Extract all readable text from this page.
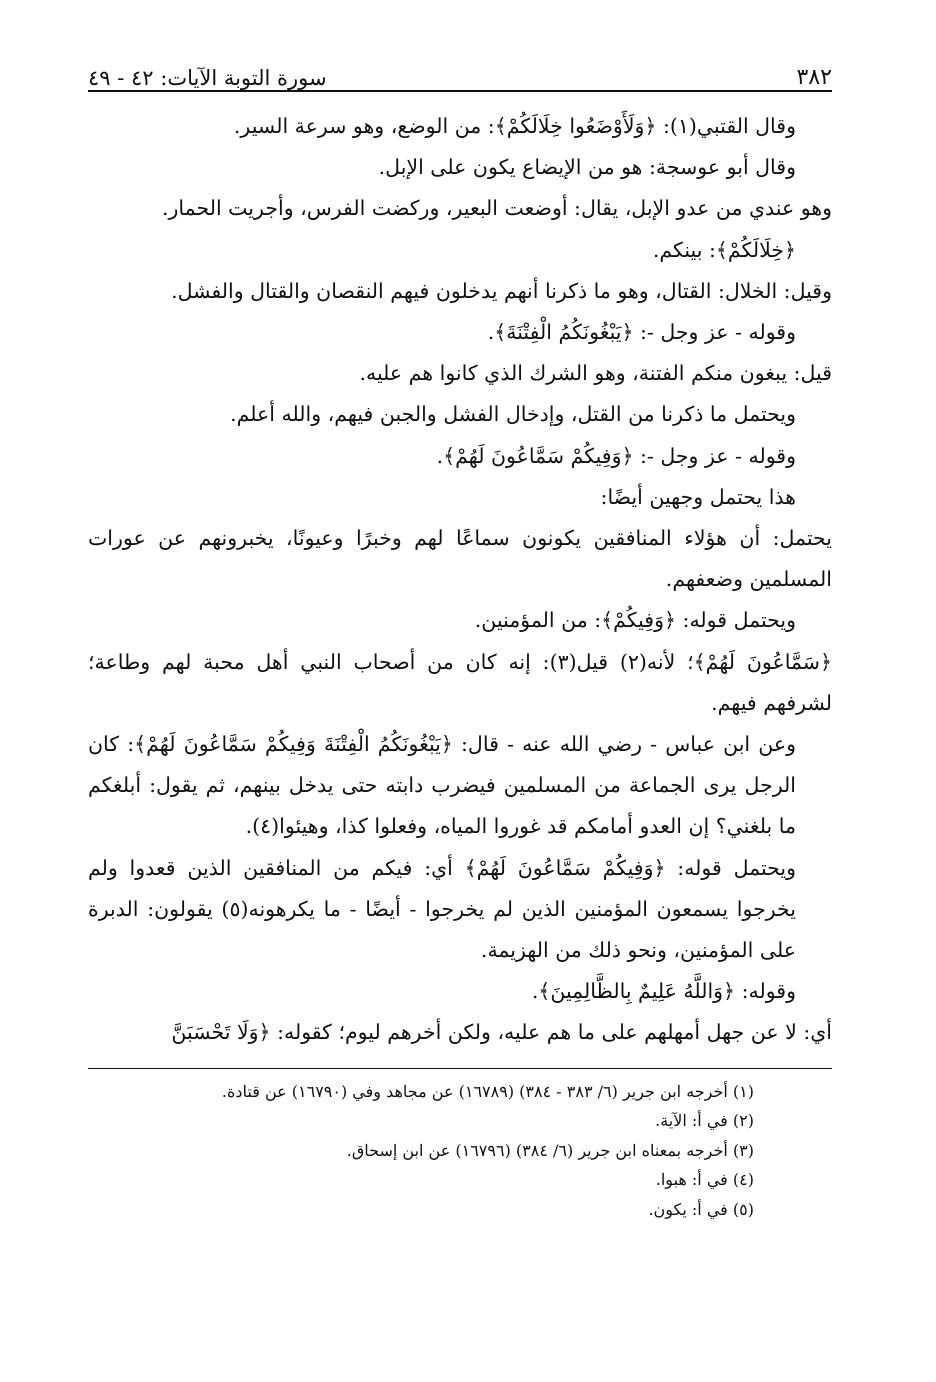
٣٨٢
سورة التوبة الآيات: ٤٢ - ٤٩

وقال القتبي(١): ﴿وَلَأَوْضَعُوا خِلَالَكُمْ﴾: من الوضع، وهو سرعة السير.

وقال أبو عوسجة: هو من الإيضاع يكون على الإبل.

وهو عندي من عدو الإبل، يقال: أوضعت البعير، وركضت الفرس، وأجريت الحمار.

﴿خِلَالَكُمْ﴾: بينكم.

وقيل: الخلال: القتال، وهو ما ذكرنا أنهم يدخلون فيهم النقصان والقتال والفشل.

وقوله - عز وجل -: ﴿يَبْغُونَكُمُ الْفِتْنَةَ﴾.

قيل: يبغون منكم الفتنة، وهو الشرك الذي كانوا هم عليه.

ويحتمل ما ذكرنا من القتل، وإدخال الفشل والجبن فيهم، والله أعلم.

وقوله - عز وجل -: ﴿وَفِيكُمْ سَمَّاعُونَ لَهُمْ﴾.

هذا يحتمل وجهين أيضًا:

يحتمل: أن هؤلاء المنافقين يكونون سماعًا لهم وخبرًا وعيونًا، يخبرونهم عن عورات المسلمين وضعفهم.

ويحتمل قوله: ﴿وَفِيكُمْ﴾: من المؤمنين.

﴿سَمَّاعُونَ لَهُمْ﴾؛ لأنه(٢) قيل(٣): إنه كان من أصحاب النبي أهل محبة لهم وطاعة؛ لشرفهم فيهم.

وعن ابن عباس - رضي الله عنه - قال: ﴿يَبْغُونَكُمُ الْفِتْنَةَ وَفِيكُمْ سَمَّاعُونَ لَهُمْ﴾: كان الرجل يرى الجماعة من المسلمين فيضرب دابته حتى يدخل بينهم، ثم يقول: أبلغكم ما بلغني؟ إن العدو أمامكم قد غوروا المياه، وفعلوا كذا، وهيئوا(٤).

ويحتمل قوله: ﴿وَفِيكُمْ سَمَّاعُونَ لَهُمْ﴾ أي: فيكم من المنافقين الذين قعدوا ولم يخرجوا يسمعون المؤمنين الذين لم يخرجوا - أيضًا - ما يكرهونه(٥) يقولون: الدبرة على المؤمنين، ونحو ذلك من الهزيمة.

وقوله: ﴿وَاللَّهُ عَلِيمٌ بِالظَّالِمِينَ﴾.

أي: لا عن جهل أمهلهم على ما هم عليه، ولكن أخرهم ليوم؛ كقوله: ﴿وَلَا تَحْسَبَنَّ

(١) أخرجه ابن جرير (٦/ ٣٨٣ - ٣٨٤) (١٦٧٨٩) عن مجاهد وفي (١٦٧٩٠) عن قتادة.

(٢) في أ: الآية.

(٣) أخرجه بمعناه ابن جرير (٦/ ٣٨٤) (١٦٧٩٦) عن ابن إسحاق.

(٤) في أ: هبوا.

(٥) في أ: يكون.
